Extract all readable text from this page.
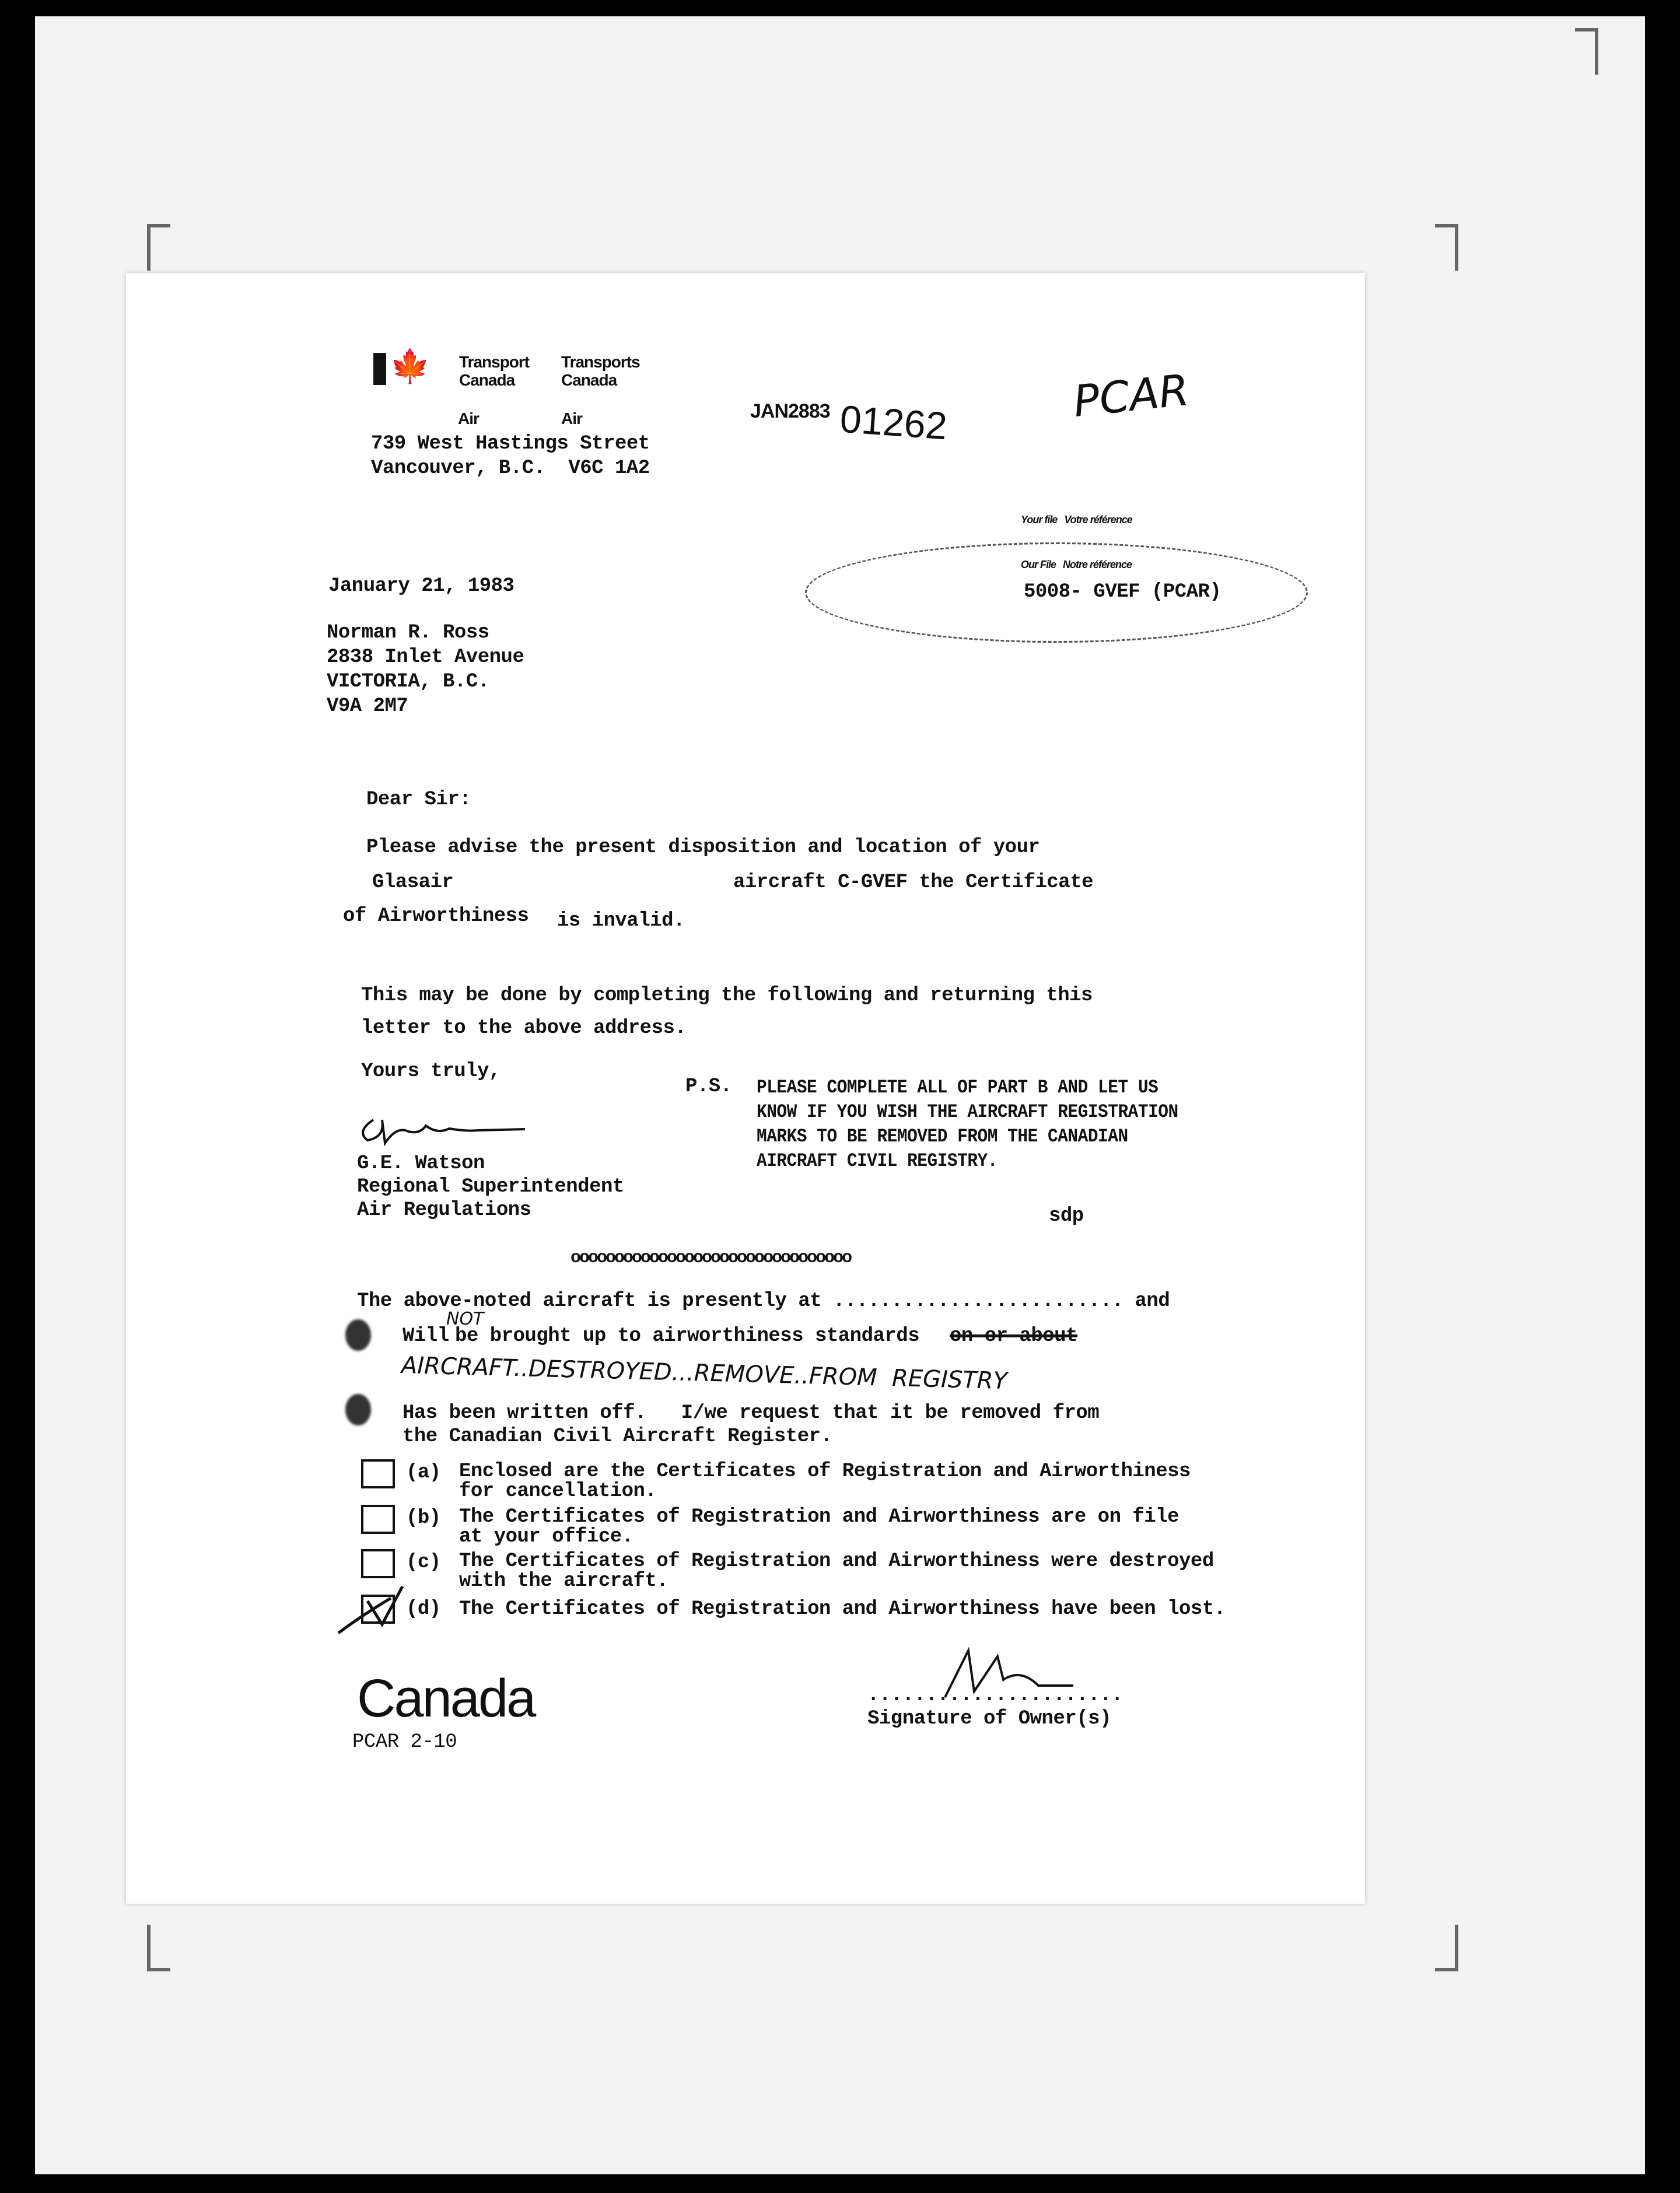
🍁 Transport
Canada
Transports
Canada
Air	Air
739 West Hastings Street
Vancouver, B.C.  V6C 1A2
JAN2883 01262	PCAR
Your file   Votre référence
Our File   Notre référence
5008- GVEF (PCAR)
January 21, 1983
Norman R. Ross
2838 Inlet Avenue
VICTORIA, B.C.
V9A 2M7
Dear Sir:
Please advise the present disposition and location of your
Glasair	aircraft C-GVEF the Certificate
of Airworthiness is invalid.
This may be done by completing the following and returning this
letter to the above address.
Yours truly,
P.S. PLEASE COMPLETE ALL OF PART B AND LET US
KNOW IF YOU WISH THE AIRCRAFT REGISTRATION
MARKS TO BE REMOVED FROM THE CANADIAN
AIRCRAFT CIVIL REGISTRY.
G.E. Watson
Regional Superintendent
Air Regulations	sdp
oooooooooooooooooooooooooooooooo
The above-noted aircraft is presently at ......................... and
Will
NOT
be brought up to airworthiness standards on or about
AIRCRAFT..DESTROYED...REMOVE..FROM  REGISTRY
Has been written off.   I/we request that it be removed from
the Canadian Civil Aircraft Register.
(a) Enclosed are the Certificates of Registration and Airworthiness
for cancellation.
(b) The Certificates of Registration and Airworthiness are on file
at your office.
(c) The Certificates of Registration and Airworthiness were destroyed
with the aircraft.
(d) The Certificates of Registration and Airworthiness have been lost.
Canada
PCAR 2-10
......................
Signature of Owner(s)
